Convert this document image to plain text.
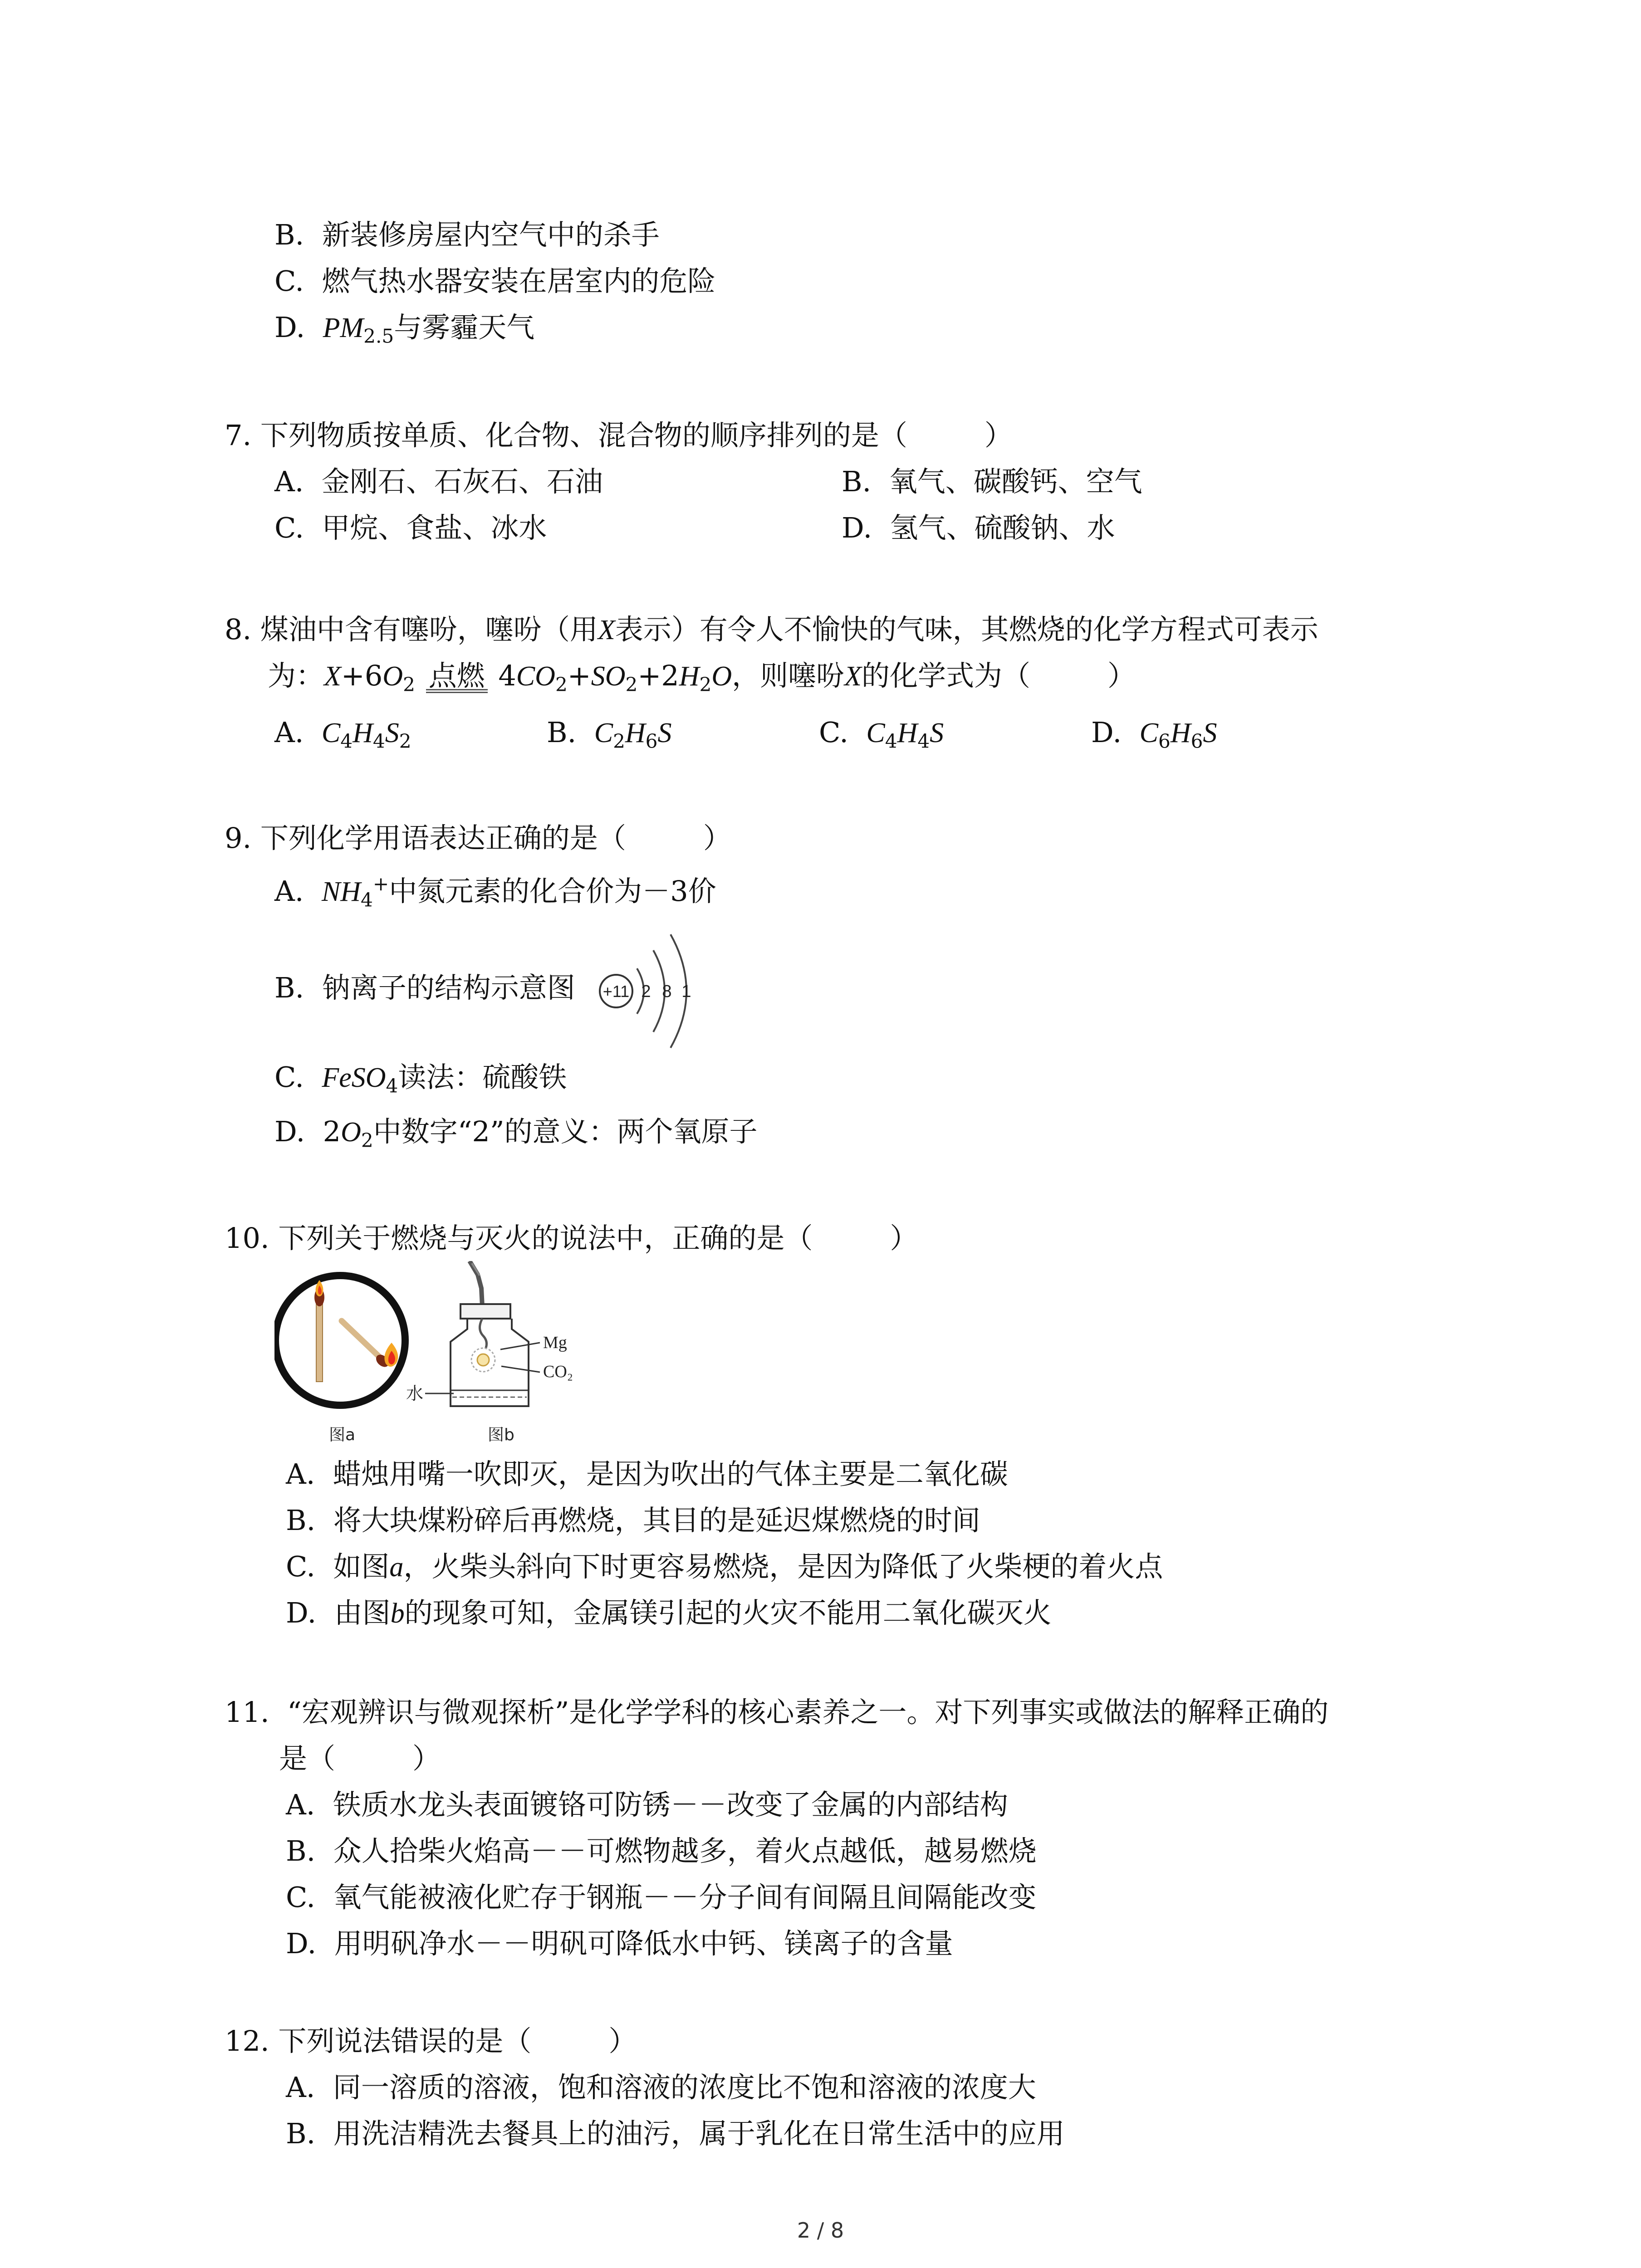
B. 新装修房屋内空气中的杀手
C. 燃气热水器安装在居室内的危险
D. $PM_{2.5}$与雾霾天气
7. 下列物质按单质、化合物、混合物的顺序排列的是（	）
A. 金刚石、石灰石、石油	B. 氧气、碳酸钙、空气
C. 甲烷、食盐、冰水	D. 氢气、硫酸钠、水
8. 煤油中含有噻吩，噻吩（用X表示）有令人不愉快的气味，其燃烧的化学方程式可表示
为：$X+6O_2$ 点燃 $4CO_2+SO_2+2H_2O$，则噻吩X的化学式为（	）
A. $C_4H_4S_2$	B. $C_2H_6S$	C. $C_4H_4S$	D. $C_6H_6S$
9. 下列化学用语表达正确的是（	）
A. $NH_4^+$中氮元素的化合价为－3价
B. 钠离子的结构示意图 +11 2 8 1
C. FeSO$_4$读法：硫酸铁
D.  $2O_2$中数字“2”的意义：两个氧原子
10. 下列关于燃烧与灭火的说法中，正确的是（	）
Mg
CO₂
水
图a	图b
A. 蜡烛用嘴一吹即灭，是因为吹出的气体主要是二氧化碳
B. 将大块煤粉碎后再燃烧，其目的是延迟煤燃烧的时间
C. 如图a，火柴头斜向下时更容易燃烧，是因为降低了火柴梗的着火点
D. 由图b的现象可知，金属镁引起的火灾不能用二氧化碳灭火
11. “宏观辨识与微观探析”是化学学科的核心素养之一。对下列事实或做法的解释正确的
是（	）
A. 铁质水龙头表面镀铬可防锈－－改变了金属的内部结构
B. 众人拾柴火焰高－－可燃物越多，着火点越低，越易燃烧
C. 氧气能被液化贮存于钢瓶－－分子间有间隔且间隔能改变
D. 用明矾净水－－明矾可降低水中钙、镁离子的含量
12. 下列说法错误的是（	）
A. 同一溶质的溶液，饱和溶液的浓度比不饱和溶液的浓度大
B. 用洗洁精洗去餐具上的油污，属于乳化在日常生活中的应用
2 / 8
